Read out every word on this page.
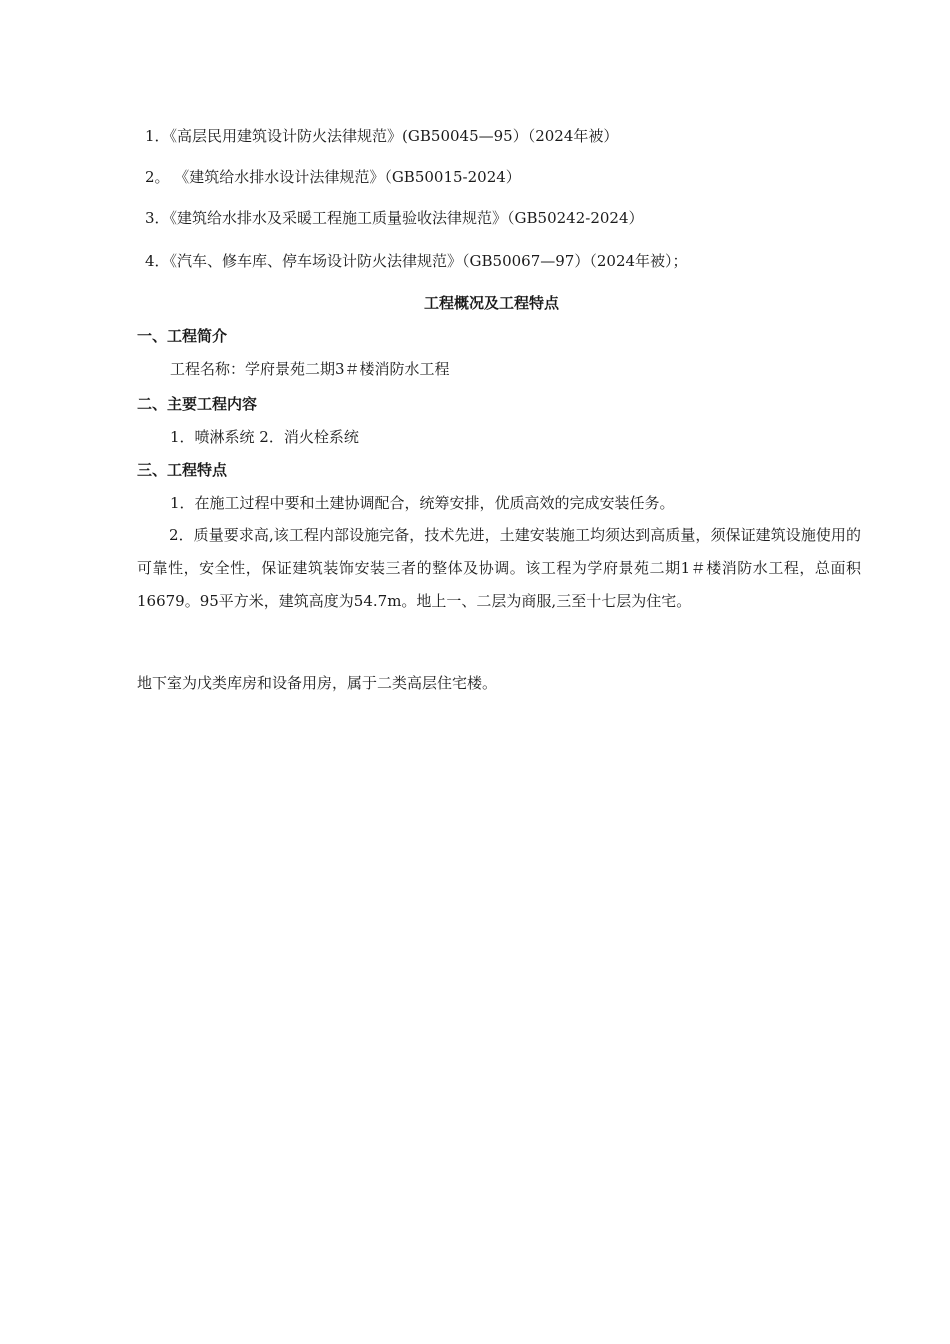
1．《高层民用建筑设计防火法律规范》(GB50045—95）（2024年被）
2。 《建筑给水排水设计法律规范》（GB50015-2024）
3．《建筑给水排水及采暖工程施工质量验收法律规范》（GB50242-2024）
4．《汽车、修车库、停车场设计防火法律规范》（GB50067—97）（2024年被）；
工程概况及工程特点
一、工程简介
工程名称：学府景苑二期3＃楼消防水工程
二、主要工程内容
1．喷淋系统 2．消火栓系统
三、工程特点
1．在施工过程中要和土建协调配合，统筹安排，优质高效的完成安装任务。
2．质量要求高,该工程内部设施完备，技术先进，土建安装施工均须达到高质量，须保证建筑设施使用的可靠性，安全性，保证建筑装饰安装三者的整体及协调。该工程为学府景苑二期1＃楼消防水工程，总面积16679。95平方米，建筑高度为54.7m。地上一、二层为商服,三至十七层为住宅。
地下室为戊类库房和设备用房，属于二类高层住宅楼。
